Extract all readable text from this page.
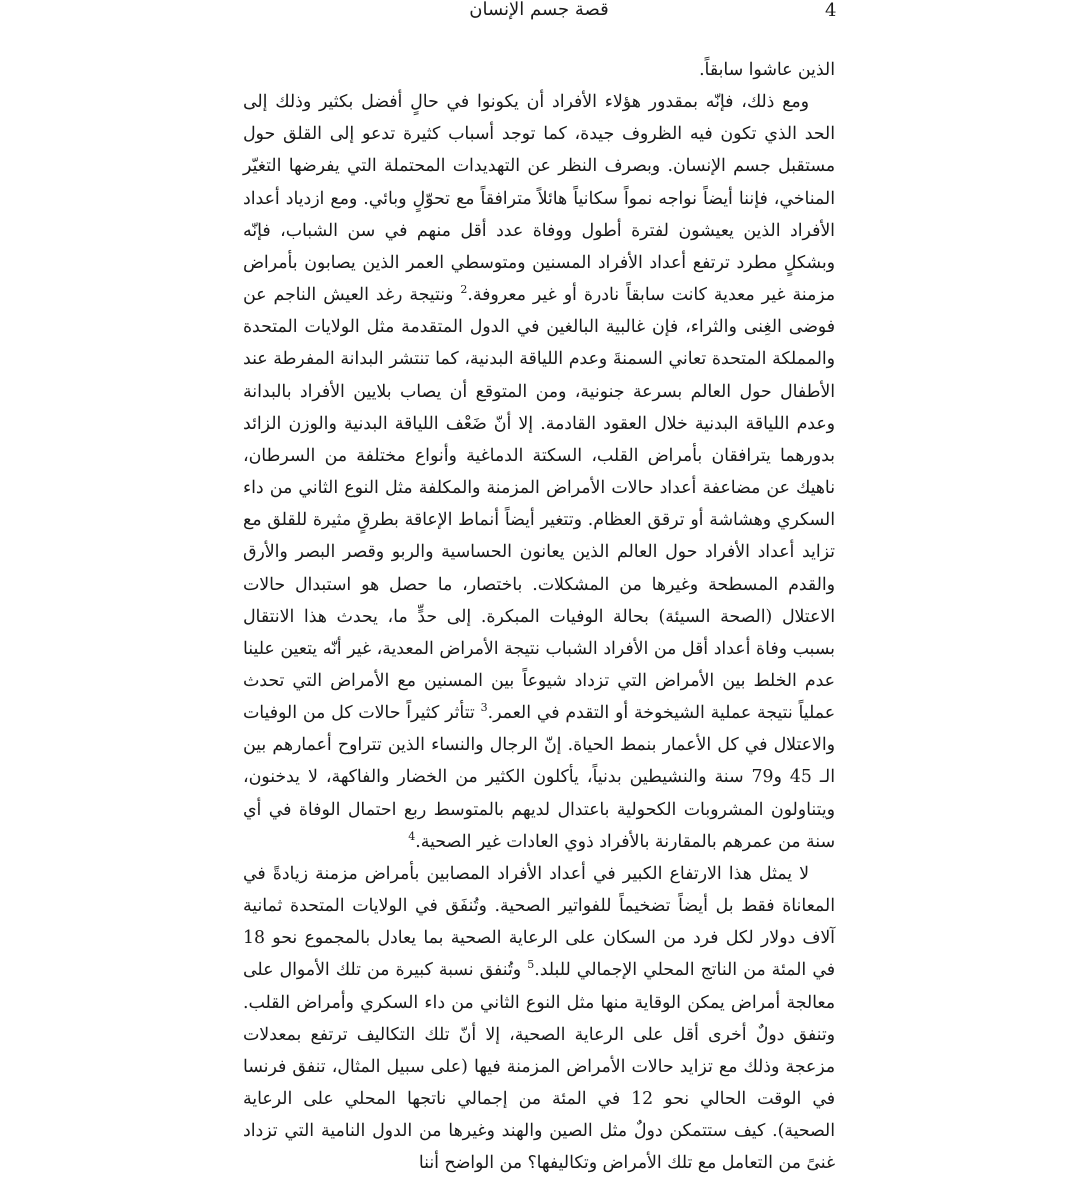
4
قصة جسم الإنسان

الذين عاشوا سابقاً.

ومع ذلك، فإنّه بمقدور هؤلاء الأفراد أن يكونوا في حالٍ أفضل بكثير وذلك إلى الحد الذي تكون فيه الظروف جيدة، كما توجد أسباب كثيرة تدعو إلى القلق حول مستقبل جسم الإنسان. وبصرف النظر عن التهديدات المحتملة التي يفرضها التغيّر المناخي، فإننا أيضاً نواجه نمواً سكانياً هائلاً مترافقاً مع تحوّلٍ وبائي. ومع ازدياد أعداد الأفراد الذين يعيشون لفترة أطول ووفاة عدد أقل منهم في سن الشباب، فإنّه وبشكلٍ مطرد ترتفع أعداد الأفراد المسنين ومتوسطي العمر الذين يصابون بأمراض مزمنة غير معدية كانت سابقاً نادرة أو غير معروفة.$^2$ ونتيجة رغد العيش الناجم عن فوضى الغِنى والثراء، فإن غالبية البالغين في الدول المتقدمة مثل الولايات المتحدة والمملكة المتحدة تعاني السمنةَ وعدم اللياقة البدنية، كما تنتشر البدانة المفرطة عند الأطفال حول العالم بسرعة جنونية، ومن المتوقع أن يصاب بلايين الأفراد بالبدانة وعدم اللياقة البدنية خلال العقود القادمة. إلا أنّ ضَعْف اللياقة البدنية والوزن الزائد بدورهما يترافقان بأمراض القلب، السكتة الدماغية وأنواع مختلفة من السرطان، ناهيك عن مضاعفة أعداد حالات الأمراض المزمنة والمكلفة مثل النوع الثاني من داء السكري وهشاشة أو ترقق العظام. وتتغير أيضاً أنماط الإعاقة بطرقٍ مثيرة للقلق مع تزايد أعداد الأفراد حول العالم الذين يعانون الحساسية والربو وقصر البصر والأرق والقدم المسطحة وغيرها من المشكلات. باختصار، ما حصل هو استبدال حالات الاعتلال (الصحة السيئة) بحالة الوفيات المبكرة. إلى حدٍّ ما، يحدث هذا الانتقال بسبب وفاة أعداد أقل من الأفراد الشباب نتيجة الأمراض المعدية، غير أنّه يتعين علينا عدم الخلط بين الأمراض التي تزداد شيوعاً بين المسنين مع الأمراض التي تحدث عملياً نتيجة عملية الشيخوخة أو التقدم في العمر.$^3$ تتأثر كثيراً حالات كل من الوفيات والاعتلال في كل الأعمار بنمط الحياة. إنّ الرجال والنساء الذين تتراوح أعمارهم بين الـ 45 و79 سنة والنشيطين بدنياً، يأكلون الكثير من الخضار والفاكهة، لا يدخنون، ويتناولون المشروبات الكحولية باعتدال لديهم بالمتوسط ربع احتمال الوفاة في أي سنة من عمرهم بالمقارنة بالأفراد ذوي العادات غير الصحية.$^4$

لا يمثل هذا الارتفاع الكبير في أعداد الأفراد المصابين بأمراض مزمنة زيادةً في المعاناة فقط بل أيضاً تضخيماً للفواتير الصحية. وتُنفَق في الولايات المتحدة ثمانية آلاف دولار لكل فرد من السكان على الرعاية الصحية بما يعادل بالمجموع نحو 18 في المئة من الناتج المحلي الإجمالي للبلد.$^5$ وتُنفق نسبة كبيرة من تلك الأموال على معالجة أمراض يمكن الوقاية منها مثل النوع الثاني من داء السكري وأمراض القلب. وتنفق دولٌ أخرى أقل على الرعاية الصحية، إلا أنّ تلك التكاليف ترتفع بمعدلات مزعجة وذلك مع تزايد حالات الأمراض المزمنة فيها (على سبيل المثال، تنفق فرنسا في الوقت الحالي نحو 12 في المئة من إجمالي ناتجها المحلي على الرعاية الصحية). كيف ستتمكن دولٌ مثل الصين والهند وغيرها من الدول النامية التي تزداد غنىً من التعامل مع تلك الأمراض وتكاليفها؟ من الواضح أننا
